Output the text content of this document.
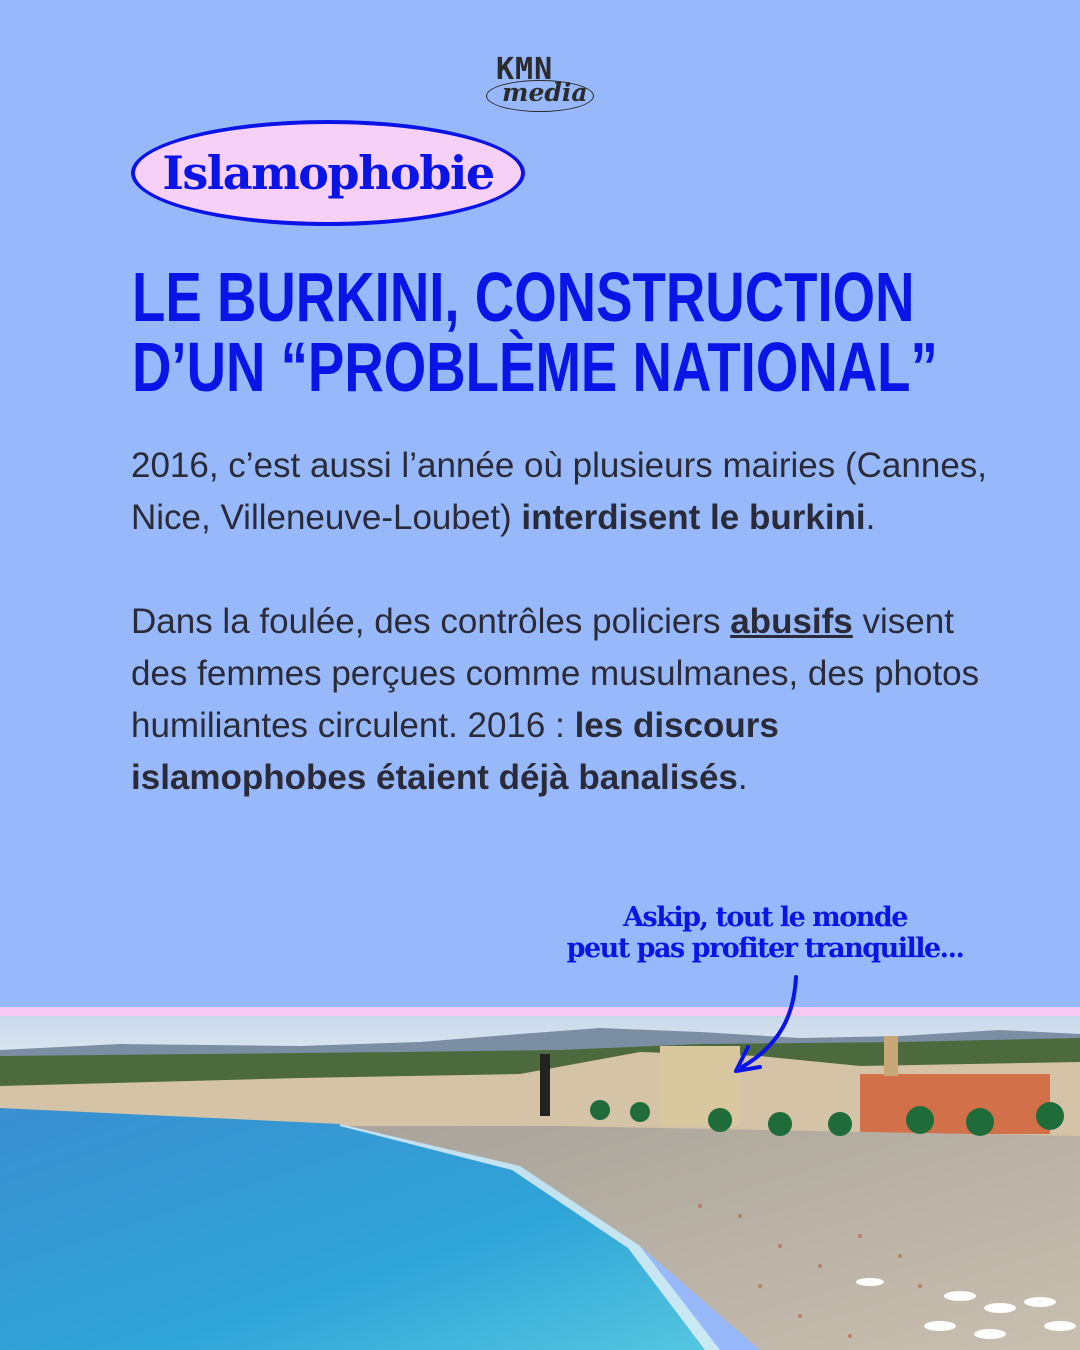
KMN
media
Islamophobie
LE BURKINI, CONSTRUCTION
D’UN “PROBLÈME NATIONAL”

2016, c’est aussi l’année où plusieurs mairies (Cannes, Nice, Villeneuve-Loubet) interdisent le burkini.

Dans la foulée, des contrôles policiers abusifs visent des femmes perçues comme musulmanes, des photos humiliantes circulent. 2016 : les discours islamophobes étaient déjà banalisés.

Askip, tout le monde
peut pas profiter tranquille...
